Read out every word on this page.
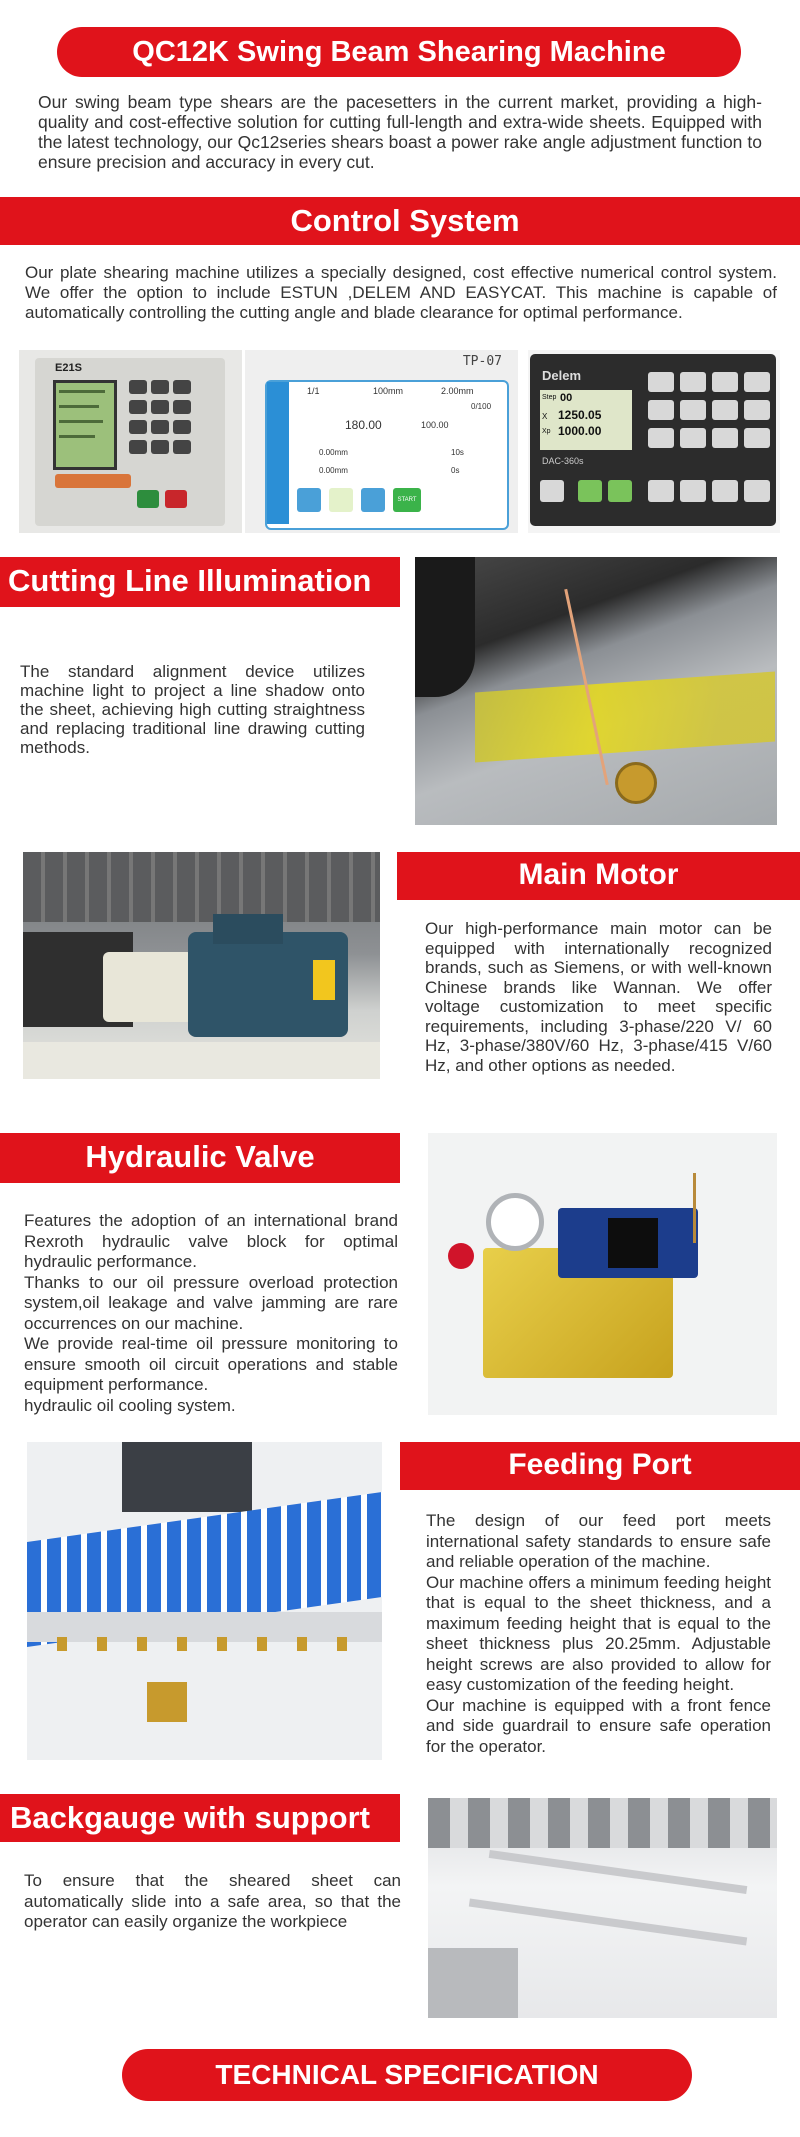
QC12K Swing Beam Shearing Machine
Our swing beam type shears are the pacesetters in the current market, providing a high-quality and cost-effective solution for cutting full-length and extra-wide sheets. Equipped with the latest technology, our Qc12series shears boast a power rake angle adjustment function to ensure precision and accuracy in every cut.
Control System
Our plate shearing machine utilizes a specially designed, cost effective numerical control system. We offer the option to include ESTUN ,DELEM AND EASYCAT. This machine is capable of automatically controlling the cutting angle and blade clearance for optimal performance.
E21S	TP-07
1/1	100mm	2.00mm
0/100
180.00	100.00
0.00mm	10s
0.00mm	0s
START
Delem
Step 00
X 1250.05
Xp 1000.00
DAC-360s
Cutting Line Illumination
The standard alignment device utilizes machine light to project a line shadow onto the sheet, achieving high cutting straightness and replacing traditional line drawing cutting methods.
Main Motor
Our high-performance main motor can be equipped with internationally recognized brands, such as Siemens, or with well-known Chinese brands like Wannan. We offer voltage customization to meet specific requirements, including 3-phase/220 V/ 60 Hz, 3-phase/380V/60 Hz, 3-phase/415 V/60 Hz, and other options as needed.
Hydraulic Valve
Features the adoption of an international brand Rexroth hydraulic valve block for optimal hydraulic performance.
Thanks to our oil pressure overload protection system,oil leakage and valve jamming are rare occurrences on our machine.
We provide real-time oil pressure monitoring to ensure smooth oil circuit operations and stable equipment performance.
hydraulic oil cooling system.
Feeding Port
The design of our feed port meets international safety standards to ensure safe and reliable operation of the machine.
Our machine offers a minimum feeding height that is equal to the sheet thickness, and a maximum feeding height that is equal to the sheet thickness plus 20.25mm. Adjustable height screws are also provided to allow for easy customization of the feeding height.
Our machine is equipped with a front fence and side guardrail to ensure safe operation for the operator.
Backgauge with support
To ensure that the sheared sheet can automatically slide into a safe area, so that the operator can easily organize the workpiece
TECHNICAL SPECIFICATION
